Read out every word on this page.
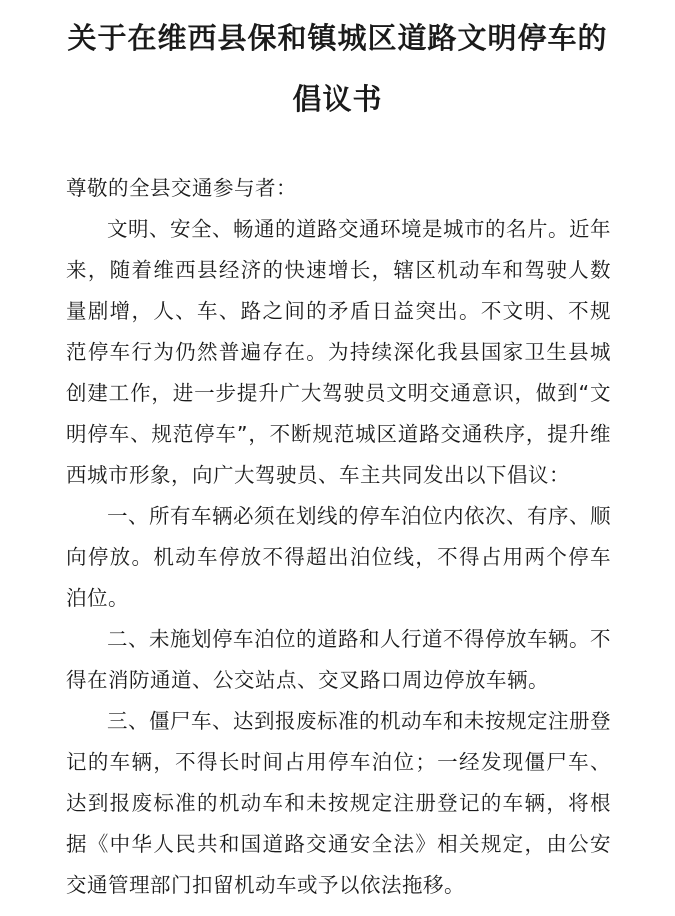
关于在维西县保和镇城区道路文明停车的
倡议书

尊敬的全县交通参与者：

文明、安全、畅通的道路交通环境是城市的名片。近年来，随着维西县经济的快速增长，辖区机动车和驾驶人数量剧增，人、车、路之间的矛盾日益突出。不文明、不规范停车行为仍然普遍存在。为持续深化我县国家卫生县城创建工作，进一步提升广大驾驶员文明交通意识，做到“文明停车、规范停车”，不断规范城区道路交通秩序，提升维西城市形象，向广大驾驶员、车主共同发出以下倡议：

一、所有车辆必须在划线的停车泊位内依次、有序、顺向停放。机动车停放不得超出泊位线，不得占用两个停车泊位。

二、未施划停车泊位的道路和人行道不得停放车辆。不得在消防通道、公交站点、交叉路口周边停放车辆。

三、僵尸车、达到报废标准的机动车和未按规定注册登记的车辆，不得长时间占用停车泊位；一经发现僵尸车、达到报废标准的机动车和未按规定注册登记的车辆，将根据《中华人民共和国道路交通安全法》相关规定，由公安交通管理部门扣留机动车或予以依法拖移。
